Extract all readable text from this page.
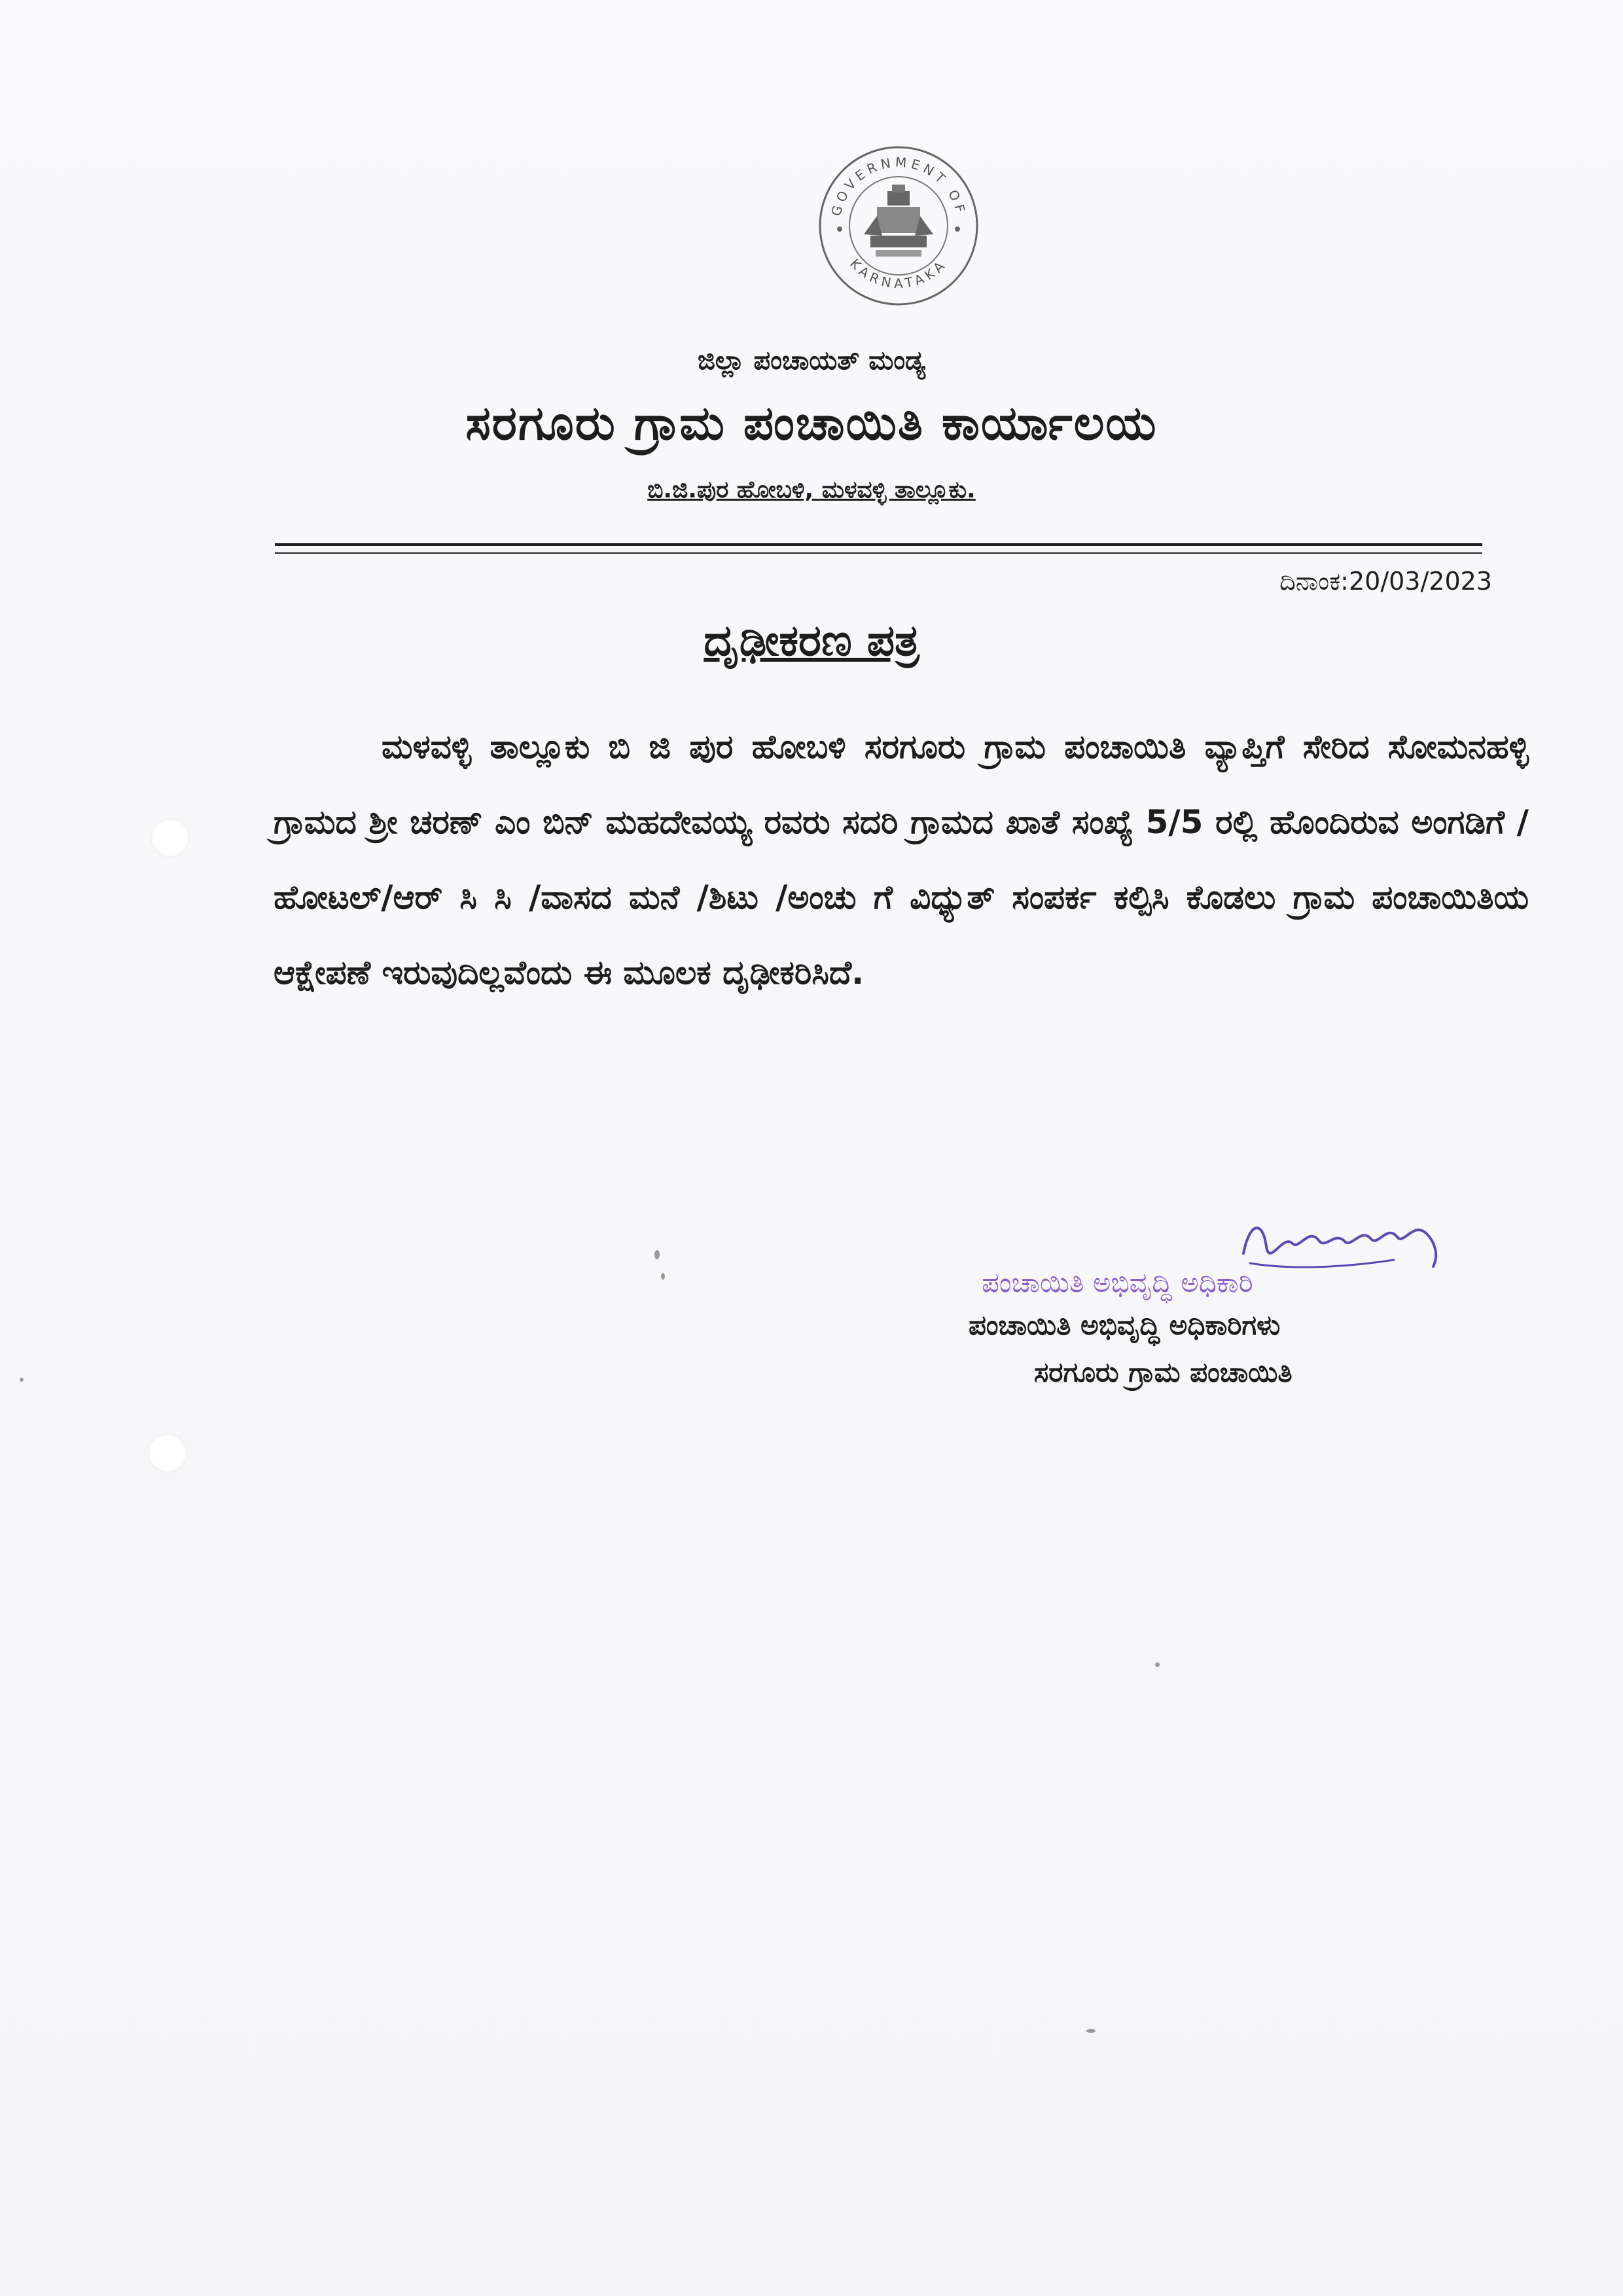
GOVERNMENT OF
KARNATAKA
ಜಿಲ್ಲಾ ಪಂಚಾಯತ್ ಮಂಡ್ಯ
ಸರಗೂರು ಗ್ರಾಮ ಪಂಚಾಯಿತಿ ಕಾರ್ಯಾಲಯ
ಬಿ.ಜಿ.ಪುರ ಹೋಬಳಿ, ಮಳವಳ್ಳಿ ತಾಲ್ಲೂಕು.
ದಿನಾಂಕ:20/03/2023
ದೃಢೀಕರಣ ಪತ್ರ
ಮಳವಳ್ಳಿ ತಾಲ್ಲೂಕು ಬಿ ಜಿ ಪುರ ಹೋಬಳಿ ಸರಗೂರು ಗ್ರಾಮ ಪಂಚಾಯಿತಿ ವ್ಯಾಪ್ತಿಗೆ ಸೇರಿದ ಸೋಮನಹಳ್ಳಿ ಗ್ರಾಮದ ಶ್ರೀ ಚರಣ್ ಎಂ ಬಿನ್ ಮಹದೇವಯ್ಯ ರವರು ಸದರಿ ಗ್ರಾಮದ ಖಾತೆ ಸಂಖ್ಯೆ 5/5 ರಲ್ಲಿ ಹೊಂದಿರುವ ಅಂಗಡಿಗೆ /ಹೋಟಲ್/ಆರ್ ಸಿ ಸಿ /ವಾಸದ ಮನೆ /ಶಿಟು /ಅಂಚು ಗೆ ವಿಧ್ಯುತ್ ಸಂಪರ್ಕ ಕಲ್ಪಿಸಿ ಕೊಡಲು ಗ್ರಾಮ ಪಂಚಾಯಿತಿಯ ಆಕ್ಷೇಪಣೆ ಇರುವುದಿಲ್ಲವೆಂದು ಈ ಮೂಲಕ ದೃಢೀಕರಿಸಿದೆ.
ಪಂಚಾಯಿತಿ ಅಭಿವೃದ್ಧಿ ಅಧಿಕಾರಿ
ಪಂಚಾಯಿತಿ ಅಭಿವೃದ್ಧಿ ಅಧಿಕಾರಿಗಳು
ಸರಗೂರು ಗ್ರಾಮ ಪಂಚಾಯಿತಿ
